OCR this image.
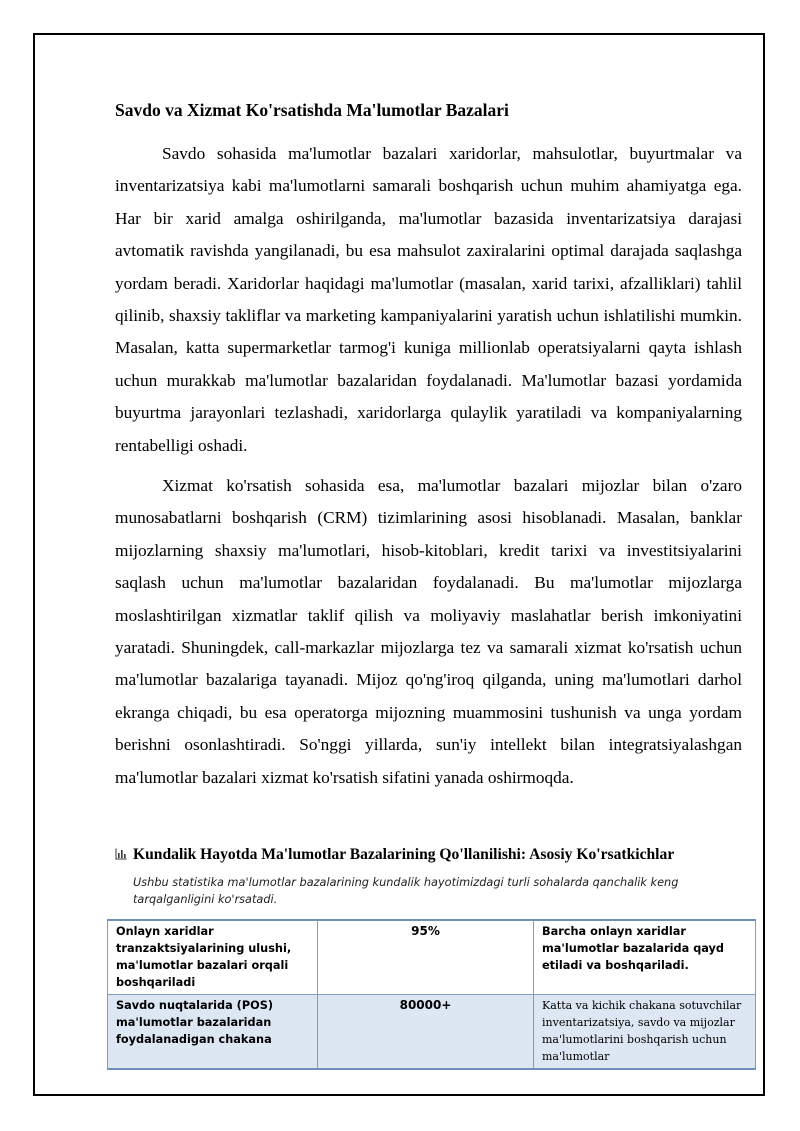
Savdo va Xizmat Ko'rsatishda Ma'lumotlar Bazalari

Savdo sohasida ma'lumotlar bazalari xaridorlar, mahsulotlar, buyurtmalar va inventarizatsiya kabi ma'lumotlarni samarali boshqarish uchun muhim ahamiyatga ega. Har bir xarid amalga oshirilganda, ma'lumotlar bazasida inventarizatsiya darajasi avtomatik ravishda yangilanadi, bu esa mahsulot zaxiralarini optimal darajada saqlashga yordam beradi. Xaridorlar haqidagi ma'lumotlar (masalan, xarid tarixi, afzalliklari) tahlil qilinib, shaxsiy takliflar va marketing kampaniyalarini yaratish uchun ishlatilishi mumkin. Masalan, katta supermarketlar tarmog'i kuniga millionlab operatsiyalarni qayta ishlash uchun murakkab ma'lumotlar bazalaridan foydalanadi. Ma'lumotlar bazasi yordamida buyurtma jarayonlari tezlashadi, xaridorlarga qulaylik yaratiladi va kompaniyalarning rentabelligi oshadi.

Xizmat ko'rsatish sohasida esa, ma'lumotlar bazalari mijozlar bilan o'zaro munosabatlarni boshqarish (CRM) tizimlarining asosi hisoblanadi. Masalan, banklar mijozlarning shaxsiy ma'lumotlari, hisob-kitoblari, kredit tarixi va investitsiyalarini saqlash uchun ma'lumotlar bazalaridan foydalanadi. Bu ma'lumotlar mijozlarga moslashtirilgan xizmatlar taklif qilish va moliyaviy maslahatlar berish imkoniyatini yaratadi. Shuningdek, call-markazlar mijozlarga tez va samarali xizmat ko'rsatish uchun ma'lumotlar bazalariga tayanadi. Mijoz qo'ng'iroq qilganda, uning ma'lumotlari darhol ekranga chiqadi, bu esa operatorga mijozning muammosini tushunish va unga yordam berishni osonlashtiradi. So'nggi yillarda, sun'iy intellekt bilan integratsiyalashgan ma'lumotlar bazalari xizmat ko'rsatish sifatini yanada oshirmoqda.

Kundalik Hayotda Ma'lumotlar Bazalarining Qo'llanilishi: Asosiy Ko'rsatkichlar
Ushbu statistika ma'lumotlar bazalarining kundalik hayotimizdagi turli sohalarda qanchalik keng tarqalganligini ko'rsatadi.
Onlayn xaridlar tranzaktsiyalarining ulushi, ma'lumotlar bazalari orqali boshqariladi	95%	Barcha onlayn xaridlar ma'lumotlar bazalarida qayd etiladi va boshqariladi.
Savdo nuqtalarida (POS) ma'lumotlar bazalaridan foydalanadigan chakana	80000+	Katta va kichik chakana sotuvchilar inventarizatsiya, savdo va mijozlar ma'lumotlarini boshqarish uchun ma'lumotlar
